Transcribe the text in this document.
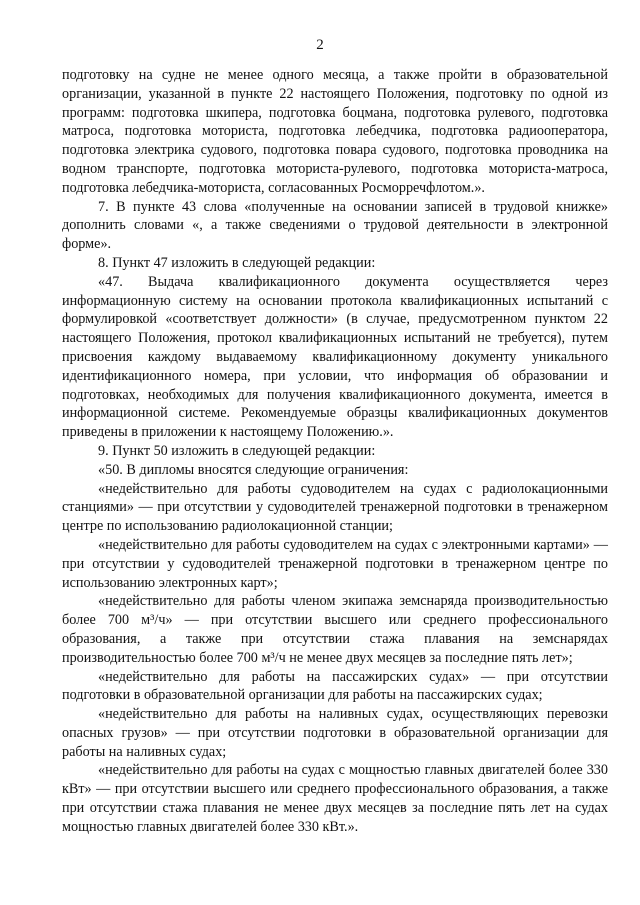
2

подготовку на судне не менее одного месяца, а также пройти в образовательной организации, указанной в пункте 22 настоящего Положения, подготовку по одной из программ: подготовка шкипера, подготовка боцмана, подготовка рулевого, подготовка матроса, подготовка моториста, подготовка лебедчика, подготовка радиооператора, подготовка электрика судового, подготовка повара судового, подготовка проводника на водном транспорте, подготовка моториста-рулевого, подготовка моториста-матроса, подготовка лебедчика-моториста, согласованных Росморречфлотом.».

7. В пункте 43 слова «полученные на основании записей в трудовой книжке» дополнить словами «, а также сведениями о трудовой деятельности в электронной форме».

8. Пункт 47 изложить в следующей редакции:

«47. Выдача квалификационного документа осуществляется через информационную систему на основании протокола квалификационных испытаний с формулировкой «соответствует должности» (в случае, предусмотренном пунктом 22 настоящего Положения, протокол квалификационных испытаний не требуется), путем присвоения каждому выдаваемому квалификационному документу уникального идентификационного номера, при условии, что информация об образовании и подготовках, необходимых для получения квалификационного документа, имеется в информационной системе. Рекомендуемые образцы квалификационных документов приведены в приложении к настоящему Положению.».

9. Пункт 50 изложить в следующей редакции:

«50. В дипломы вносятся следующие ограничения:

«недействительно для работы судоводителем на судах с радиолокационными станциями» — при отсутствии у судоводителей тренажерной подготовки в тренажерном центре по использованию радиолокационной станции;

«недействительно для работы судоводителем на судах с электронными картами» — при отсутствии у судоводителей тренажерной подготовки в тренажерном центре по использованию электронных карт»;

«недействительно для работы членом экипажа земснаряда производительностью более 700 м³/ч» — при отсутствии высшего или среднего профессионального образования, а также при отсутствии стажа плавания на земснарядах производительностью более 700 м³/ч не менее двух месяцев за последние пять лет»;

«недействительно для работы на пассажирских судах» — при отсутствии подготовки в образовательной организации для работы на пассажирских судах;

«недействительно для работы на наливных судах, осуществляющих перевозки опасных грузов» — при отсутствии подготовки в образовательной организации для работы на наливных судах;

«недействительно для работы на судах с мощностью главных двигателей более 330 кВт» — при отсутствии высшего или среднего профессионального образования, а также при отсутствии стажа плавания не менее двух месяцев за последние пять лет на судах мощностью главных двигателей более 330 кВт.».
